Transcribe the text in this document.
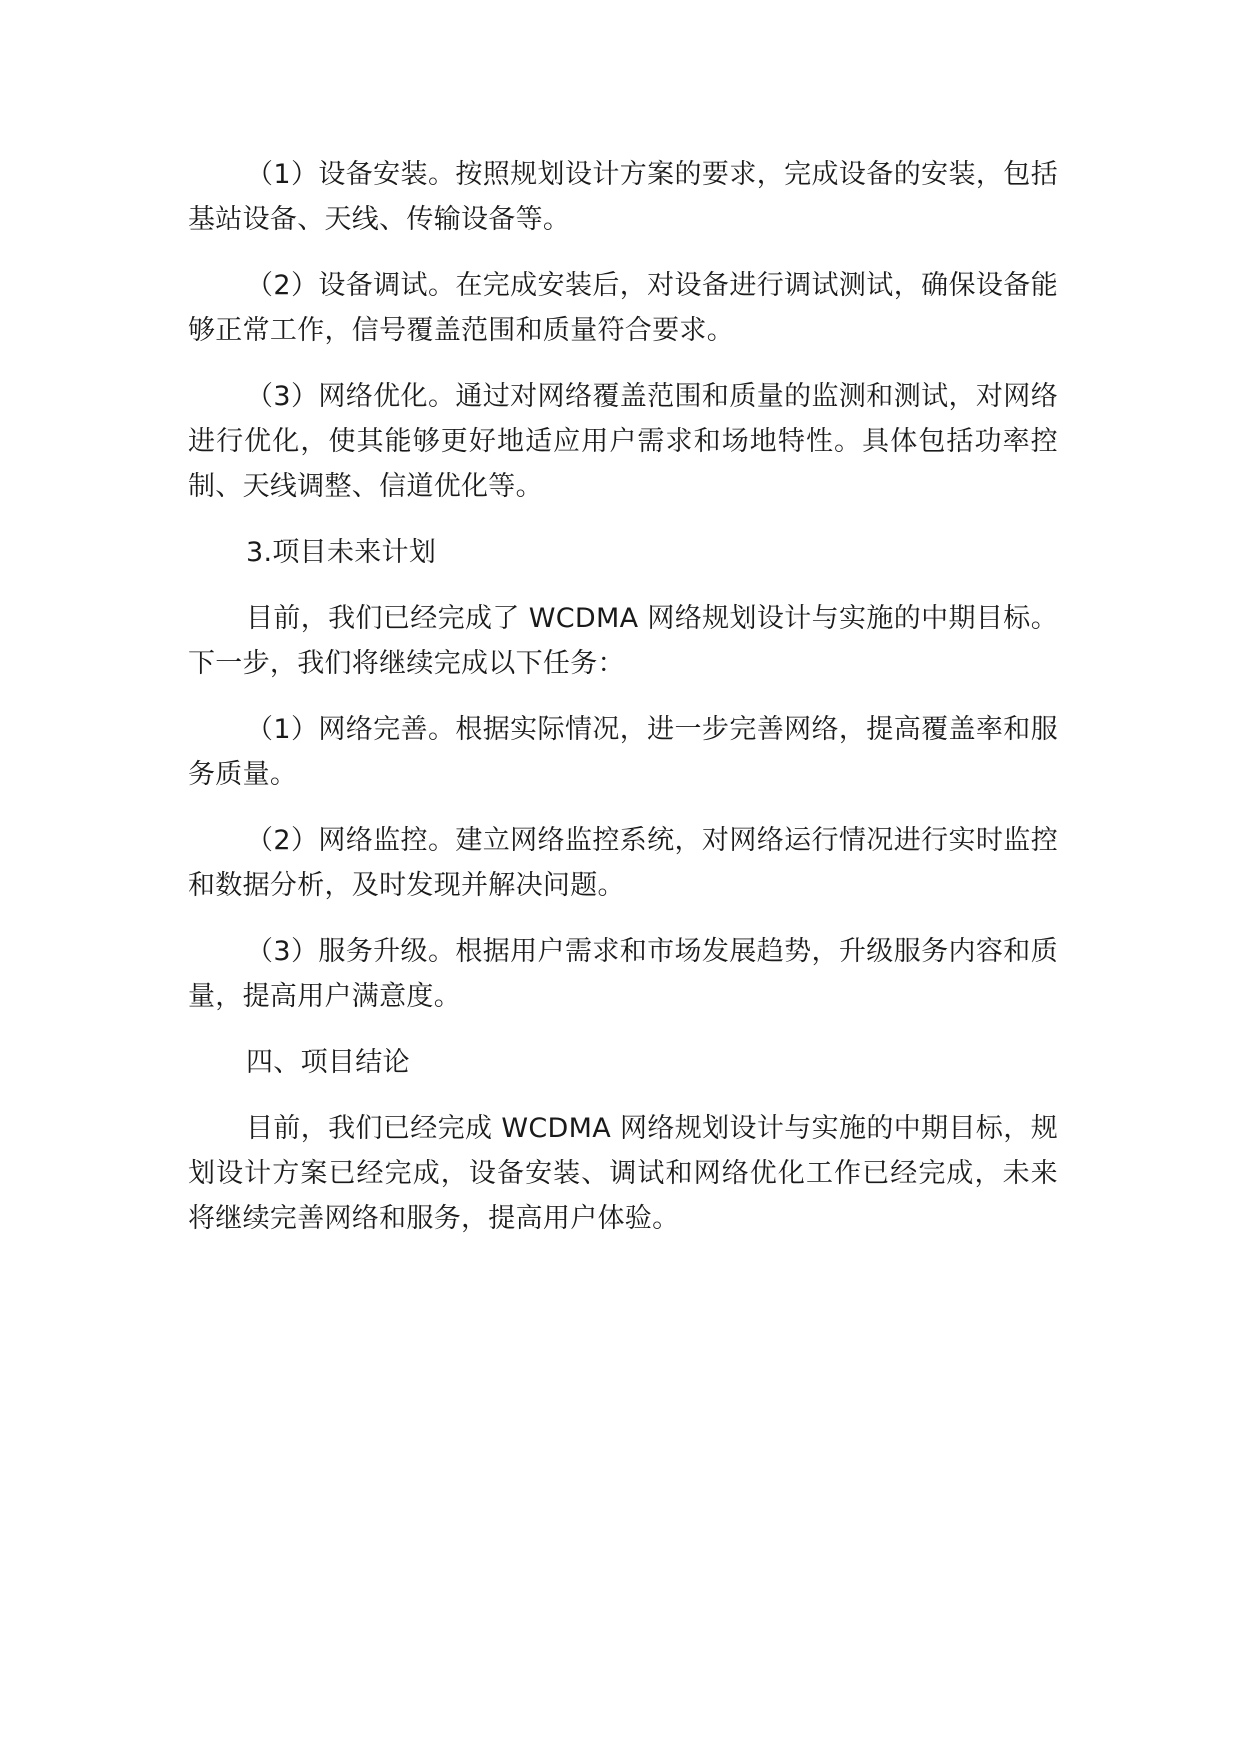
（1）设备安装。按照规划设计方案的要求，完成设备的安装，包括基站设备、天线、传输设备等。

（2）设备调试。在完成安装后，对设备进行调试测试，确保设备能够正常工作，信号覆盖范围和质量符合要求。

（3）网络优化。通过对网络覆盖范围和质量的监测和测试，对网络进行优化，使其能够更好地适应用户需求和场地特性。具体包括功率控制、天线调整、信道优化等。

3.项目未来计划

目前，我们已经完成了 WCDMA 网络规划设计与实施的中期目标。下一步，我们将继续完成以下任务：

（1）网络完善。根据实际情况，进一步完善网络，提高覆盖率和服务质量。

（2）网络监控。建立网络监控系统，对网络运行情况进行实时监控和数据分析，及时发现并解决问题。

（3）服务升级。根据用户需求和市场发展趋势，升级服务内容和质量，提高用户满意度。

四、项目结论

目前，我们已经完成 WCDMA 网络规划设计与实施的中期目标，规划设计方案已经完成，设备安装、调试和网络优化工作已经完成，未来将继续完善网络和服务，提高用户体验。
